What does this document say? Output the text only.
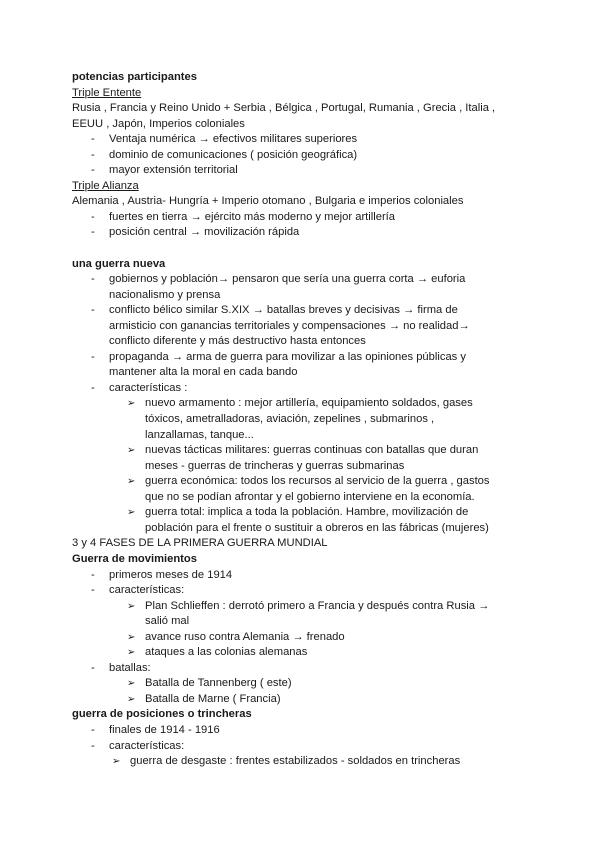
potencias participantes
Triple Entente
Rusia , Francia y Reino Unido + Serbia , Bélgica , Portugal, Rumania , Grecia , Italia ,
EEUU , Japón, Imperios coloniales
- Ventaja numérica → efectivos militares superiores
- dominio de comunicaciones ( posición geográfica)
- mayor extensión territorial
Triple Alianza
Alemania , Austria- Hungría + Imperio otomano , Bulgaria e imperios coloniales
- fuertes en tierra → ejército más moderno y mejor artillería
- posición central → movilización rápida
una guerra nueva
- gobiernos y población→ pensaron que sería una guerra corta → euforia
nacionalismo y prensa
- conflicto bélico similar S.XIX → batallas breves y decisivas → firma de
armisticio con ganancias territoriales y compensaciones → no realidad→
conflicto diferente y más destructivo hasta entonces
- propaganda → arma de guerra para movilizar a las opiniones públicas y
mantener alta la moral en cada bando
- características :
➢ nuevo armamento : mejor artillería, equipamiento soldados, gases
tóxicos, ametralladoras, aviación, zepelines , submarinos ,
lanzallamas, tanque...
➢ nuevas tácticas militares: guerras continuas con batallas que duran
meses - guerras de trincheras y guerras submarinas
➢ guerra económica: todos los recursos al servicio de la guerra , gastos
que no se podían afrontar y el gobierno interviene en la economía.
➢ guerra total: implica a toda la población. Hambre, movilización de
población para el frente o sustituir a obreros en las fábricas (mujeres)
3 y 4 FASES DE LA PRIMERA GUERRA MUNDIAL
Guerra de movimientos
- primeros meses de 1914
- características:
➢ Plan Schlieffen : derrotó primero a Francia y después contra Rusia →
salió mal
➢ avance ruso contra Alemania → frenado
➢ ataques a las colonias alemanas
- batallas:
➢ Batalla de Tannenberg ( este)
➢ Batalla de Marne ( Francia)
guerra de posiciones o trincheras
- finales de 1914 - 1916
- características:
➢ guerra de desgaste : frentes estabilizados - soldados en trincheras
